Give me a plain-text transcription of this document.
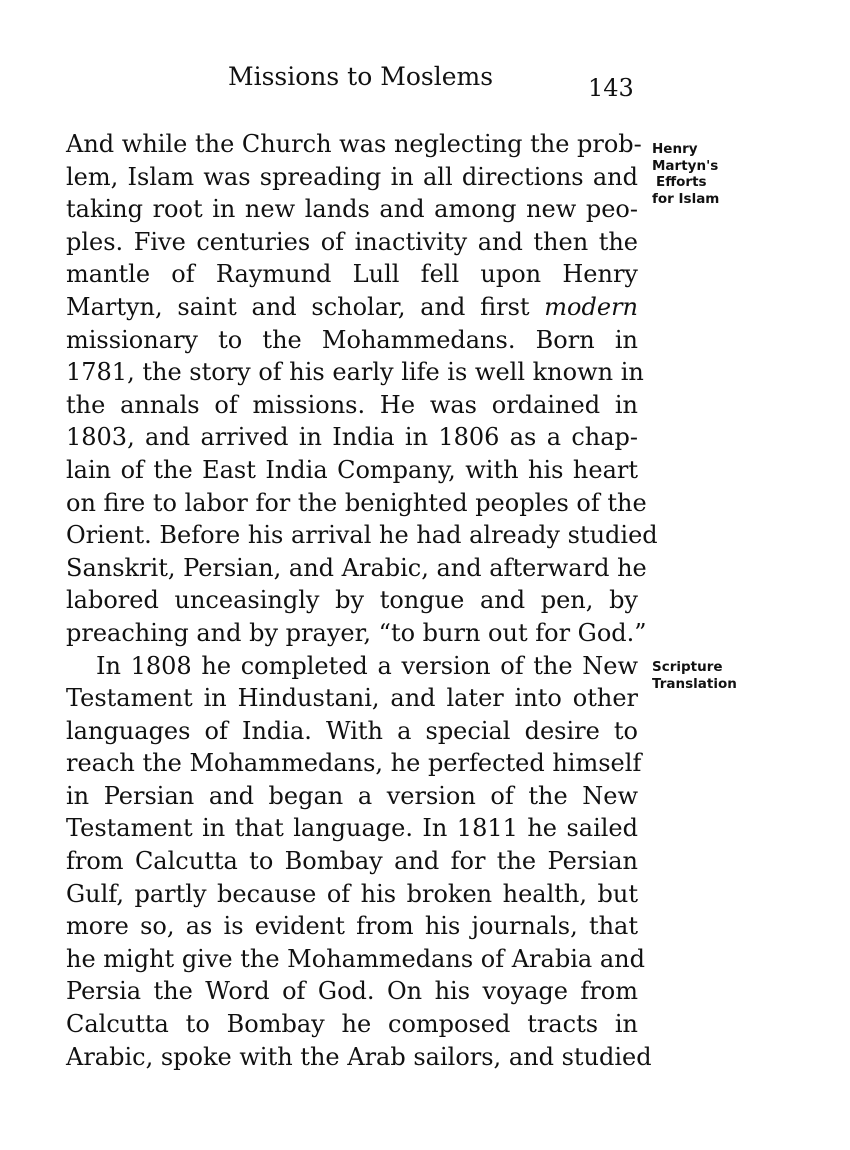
Missions to Moslems	143
And while the Church was neglecting the prob-
lem, Islam was spreading in all directions and
taking root in new lands and among new peo-
ples. Five centuries of inactivity and then the
mantle of Raymund Lull fell upon Henry
Martyn, saint and scholar, and first modern
missionary to the Mohammedans. Born in
1781, the story of his early life is well known in
the annals of missions. He was ordained in
1803, and arrived in India in 1806 as a chap-
lain of the East India Company, with his heart
on fire to labor for the benighted peoples of the
Orient. Before his arrival he had already studied
Sanskrit, Persian, and Arabic, and afterward he
labored unceasingly by tongue and pen, by
preaching and by prayer, “to burn out for God.”
In 1808 he completed a version of the New
Testament in Hindustani, and later into other
languages of India. With a special desire to
reach the Mohammedans, he perfected himself
in Persian and began a version of the New
Testament in that language. In 1811 he sailed
from Calcutta to Bombay and for the Persian
Gulf, partly because of his broken health, but
more so, as is evident from his journals, that
he might give the Mohammedans of Arabia and
Persia the Word of God. On his voyage from
Calcutta to Bombay he composed tracts in
Arabic, spoke with the Arab sailors, and studied
Henry
Martyn's
Efforts
for Islam
Scripture
Translation
